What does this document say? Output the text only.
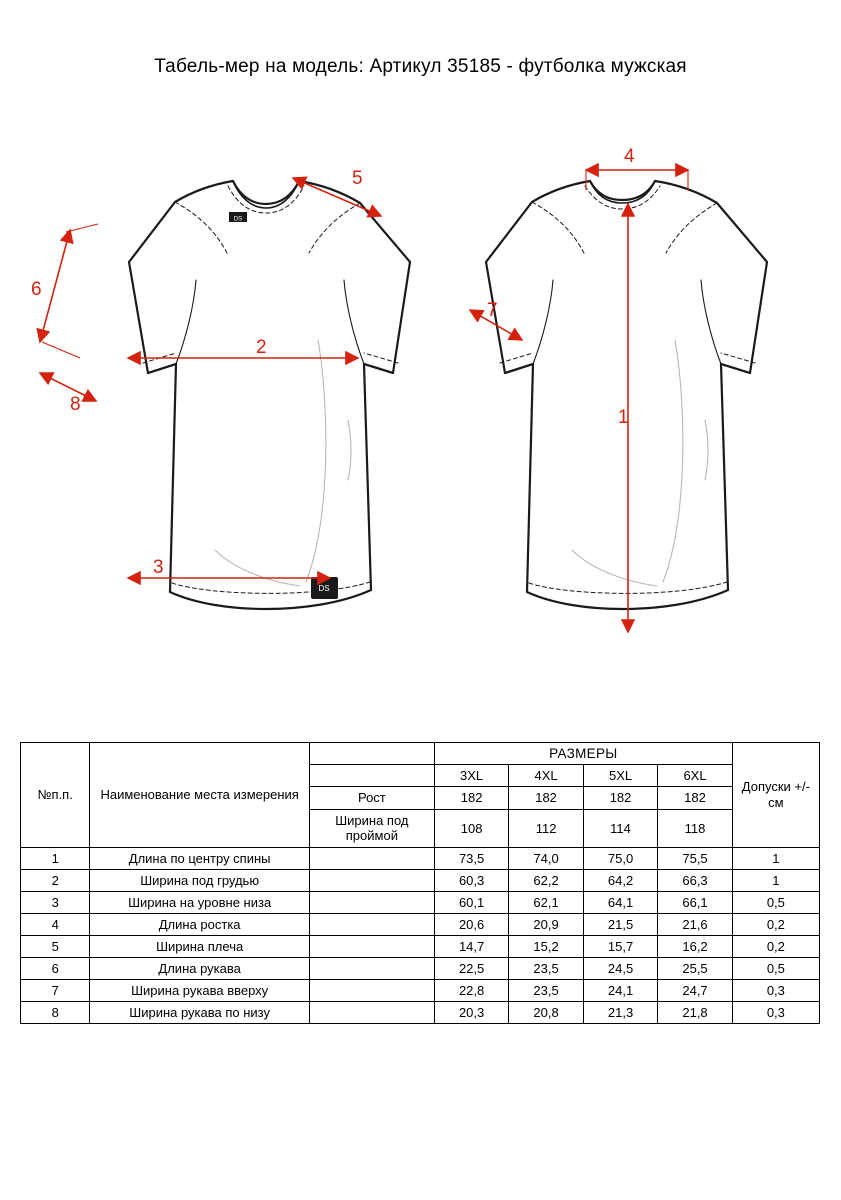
Табель-мер на модель: Артикул 35185 - футболка мужская
DS
DS
5
6
8
2
3
4
1
7
№п.п.	Наименование места измерения		РАЗМЕРЫ				Допуски +/- см
			3XL	4XL	5XL	6XL	
		Рост	182	182	182	182	
		Ширина под проймой	108	112	114	118	
1	Длина по центру спины		73,5	74,0	75,0	75,5	1
2	Ширина под грудью		60,3	62,2	64,2	66,3	1
3	Ширина на уровне низа		60,1	62,1	64,1	66,1	0,5
4	Длина ростка		20,6	20,9	21,5	21,6	0,2
5	Ширина плеча		14,7	15,2	15,7	16,2	0,2
6	Длина рукава		22,5	23,5	24,5	25,5	0,5
7	Ширина рукава вверху		22,8	23,5	24,1	24,7	0,3
8	Ширина рукава по низу		20,3	20,8	21,3	21,8	0,3
